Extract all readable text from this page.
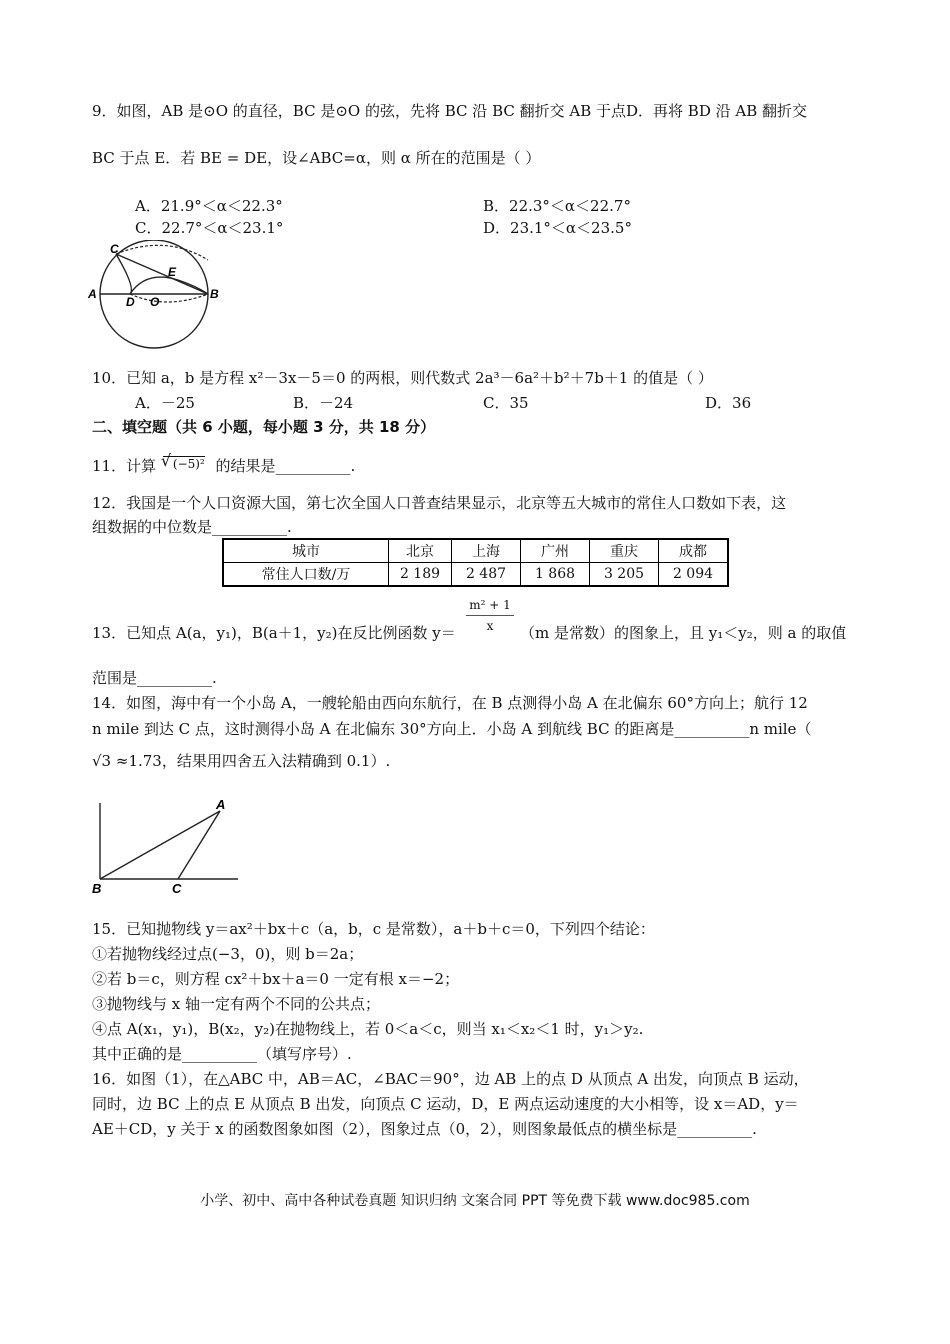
9．如图，AB 是⊙O 的直径，BC 是⊙O 的弦，先将 BC 沿 BC 翻折交 AB 于点D．再将 BD 沿 AB 翻折交
BC 于点 E．若 BE = DE，设∠ABC=α，则 α 所在的范围是（ ）
A．21.9°＜α＜22.3°	B．22.3°＜α＜22.7°
C．22.7°＜α＜23.1°	D．23.1°＜α＜23.5°
C
A
D O
E
B
10．已知 a，b 是方程 x²－3x－5＝0 的两根，则代数式 2a³－6a²＋b²＋7b＋1 的值是（ ）
A．－25	B．－24	C．35	D．36
二、填空题（共 6 小题，每小题 3 分，共 18 分）
11．计算 √ (−5)² 的结果是__________.
12．我国是一个人口资源大国，第七次全国人口普查结果显示，北京等五大城市的常住人口数如下表，这
组数据的中位数是__________.
城市	北京	上海	广州	重庆	成都
常住人口数/万	2 189	2 487	1 868	3 205	2 094
m² + 1
x
13．已知点 A(a，y₁)，B(a＋1，y₂)在反比例函数 y＝	（m 是常数）的图象上，且 y₁＜y₂，则 a 的取值
范围是__________.
14．如图，海中有一个小岛 A，一艘轮船由西向东航行，在 B 点测得小岛 A 在北偏东 60°方向上；航行 12
n mile 到达 C 点，这时测得小岛 A 在北偏东 30°方向上．小岛 A 到航线 BC 的距离是__________n mile（
√3 ≈1.73，结果用四舍五入法精确到 0.1）.
A
B	C
15．已知抛物线 y＝ax²＋bx＋c（a，b，c 是常数），a＋b＋c＝0，下列四个结论：
①若抛物线经过点(−3，0)，则 b＝2a；
②若 b＝c，则方程 cx²＋bx＋a＝0 一定有根 x＝−2；
③抛物线与 x 轴一定有两个不同的公共点；
④点 A(x₁，y₁)，B(x₂，y₂)在抛物线上，若 0＜a＜c，则当 x₁＜x₂＜1 时，y₁＞y₂.
其中正确的是__________（填写序号）.
16．如图（1），在△ABC 中，AB＝AC，∠BAC＝90°，边 AB 上的点 D 从顶点 A 出发，向顶点 B 运动，
同时，边 BC 上的点 E 从顶点 B 出发，向顶点 C 运动，D，E 两点运动速度的大小相等，设 x＝AD，y＝
AE＋CD，y 关于 x 的函数图象如图（2），图象过点（0，2），则图象最低点的横坐标是__________.
小学、初中、高中各种试卷真题 知识归纳 文案合同 PPT 等免费下载 www.doc985.com
